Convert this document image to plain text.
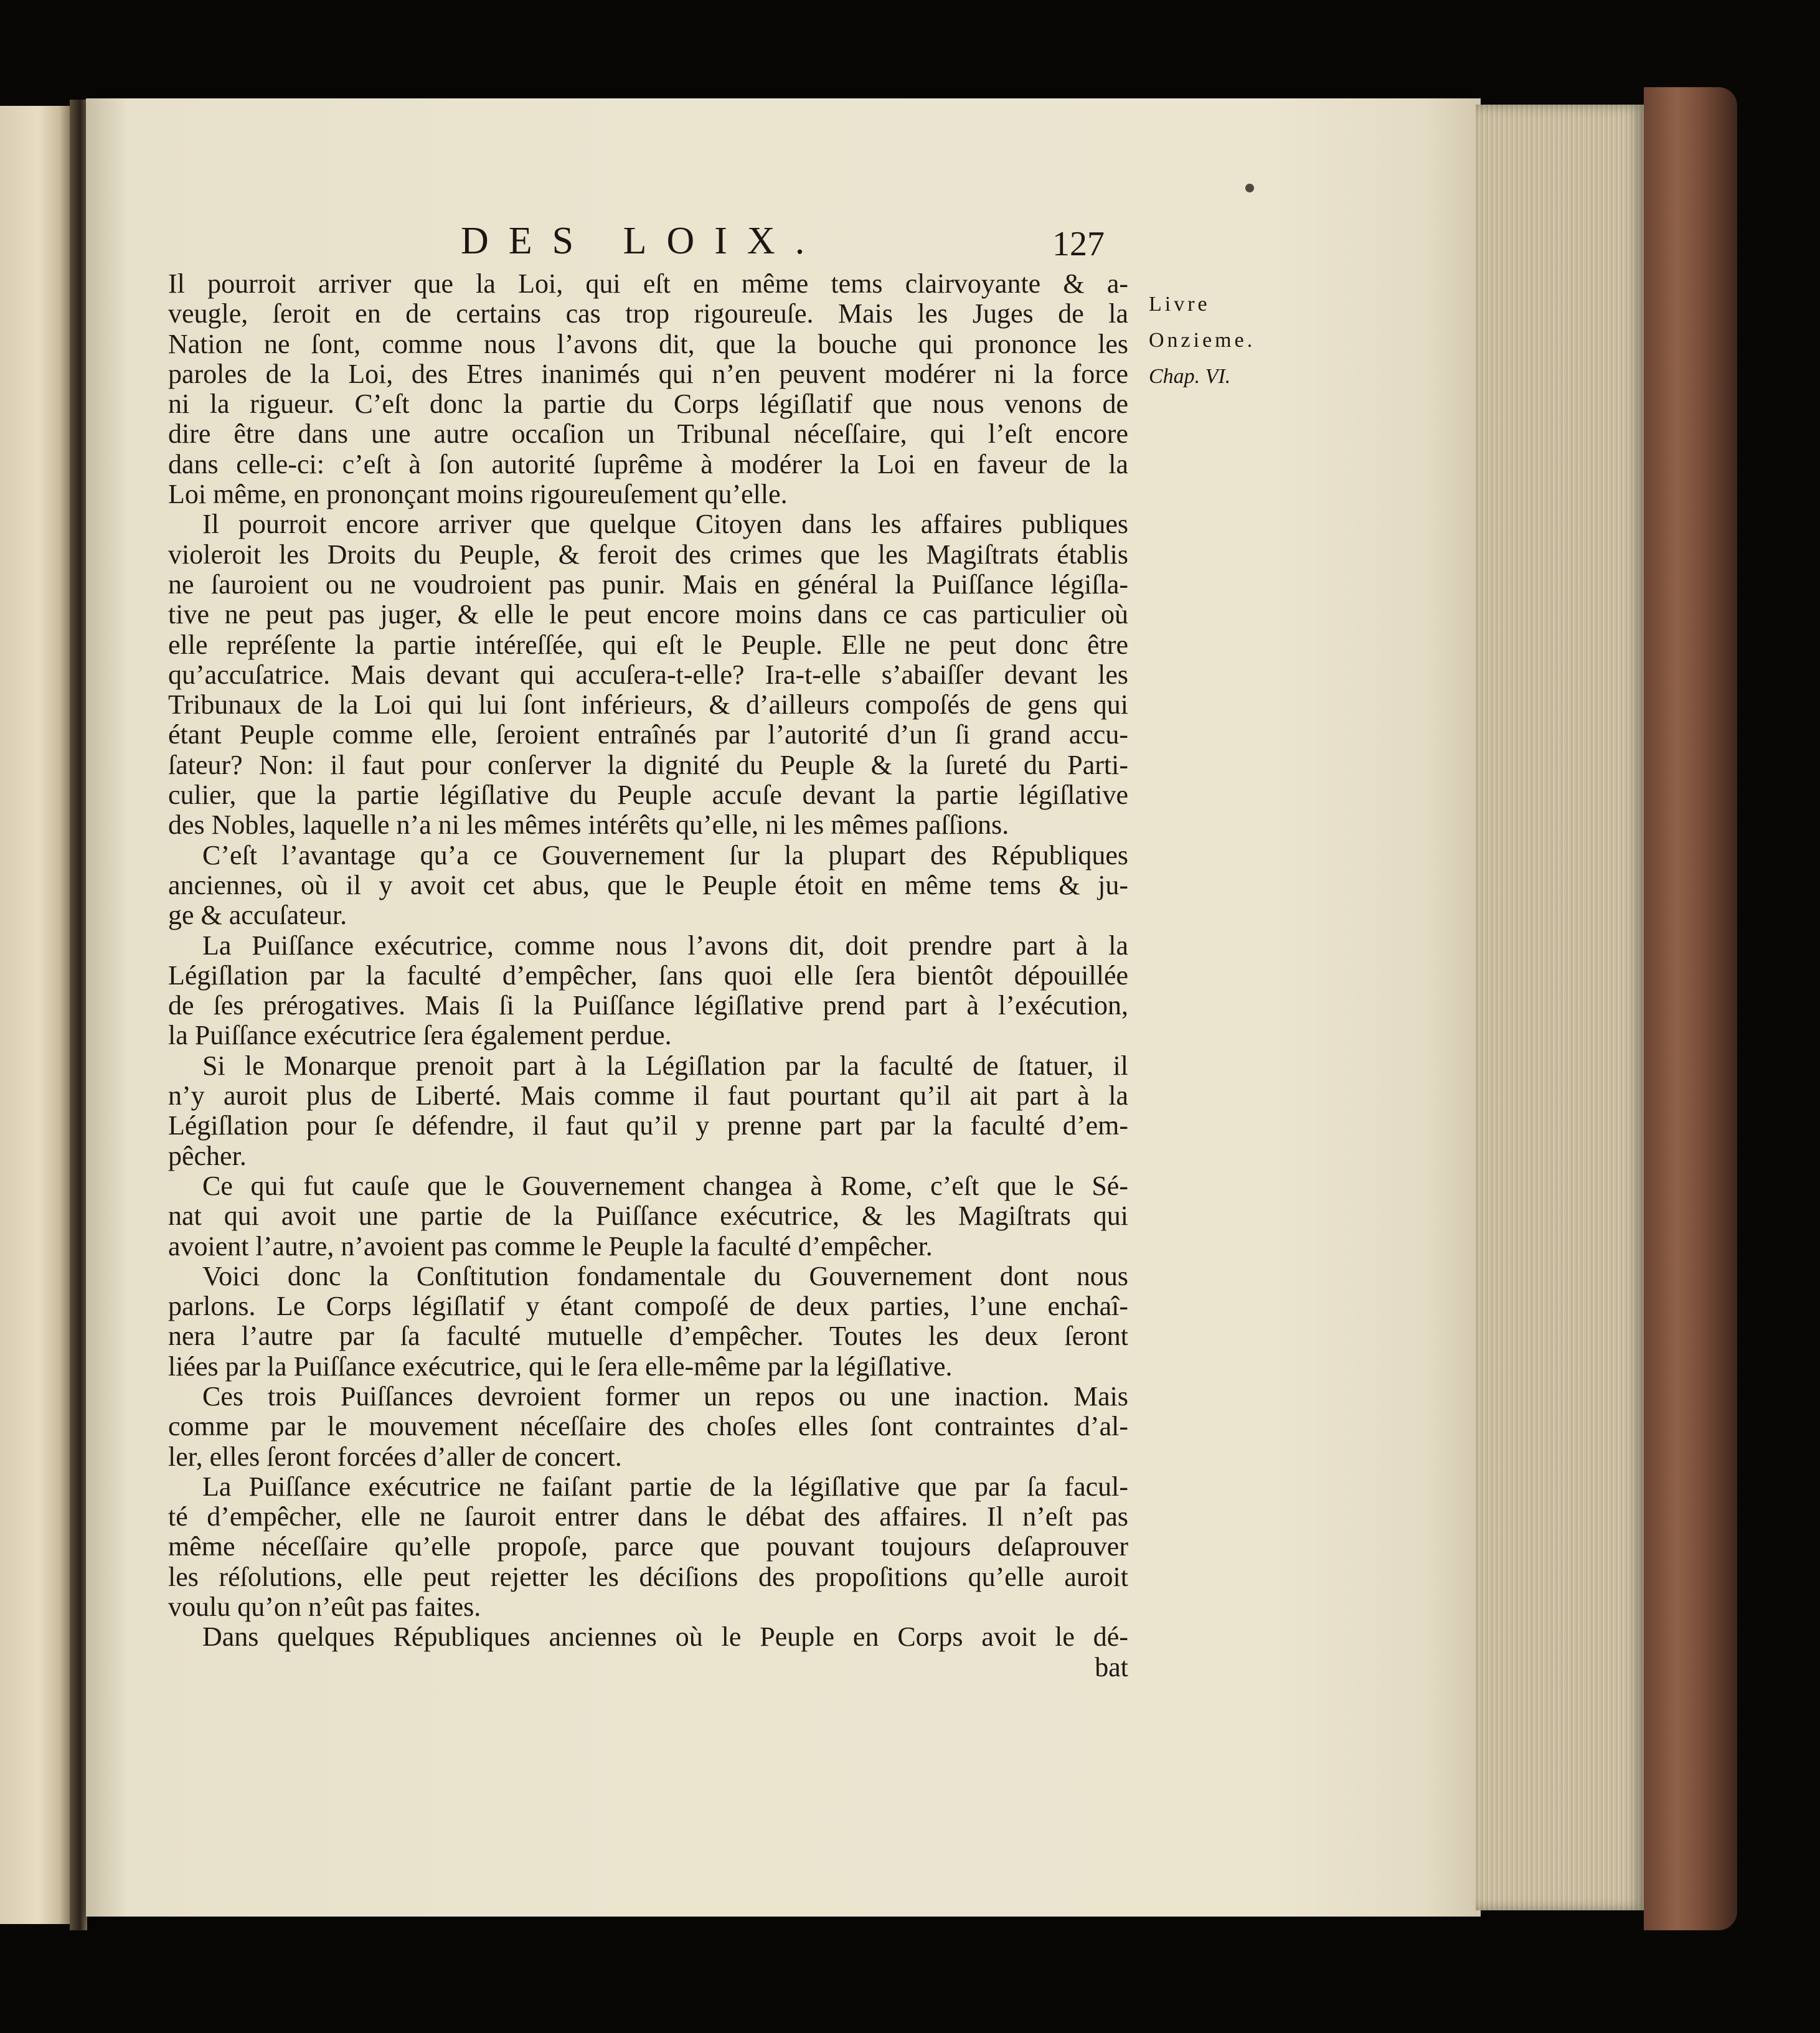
DES LOIX.	127
Livre
Onzieme.
Chap. VI.
Il pourroit arriver que la Loi, qui eſt en même tems clairvoyante & a-
veugle, ſeroit en de certains cas trop rigoureuſe. Mais les Juges de la
Nation ne ſont, comme nous l’avons dit, que la bouche qui prononce les
paroles de la Loi, des Etres inanimés qui n’en peuvent modérer ni la force
ni la rigueur. C’eſt donc la partie du Corps légiſlatif que nous venons de
dire être dans une autre occaſion un Tribunal néceſſaire, qui l’eſt encore
dans celle-ci: c’eſt à ſon autorité ſuprême à modérer la Loi en faveur de la
Loi même, en prononçant moins rigoureuſement qu’elle.
Il pourroit encore arriver que quelque Citoyen dans les affaires publiques
violeroit les Droits du Peuple, & feroit des crimes que les Magiſtrats établis
ne ſauroient ou ne voudroient pas punir. Mais en général la Puiſſance légiſla-
tive ne peut pas juger, & elle le peut encore moins dans ce cas particulier où
elle repréſente la partie intéreſſée, qui eſt le Peuple. Elle ne peut donc être
qu’accuſatrice. Mais devant qui accuſera-t-elle? Ira-t-elle s’abaiſſer devant les
Tribunaux de la Loi qui lui ſont inférieurs, & d’ailleurs compoſés de gens qui
étant Peuple comme elle, ſeroient entraînés par l’autorité d’un ſi grand accu-
ſateur? Non: il faut pour conſerver la dignité du Peuple & la ſureté du Parti-
culier, que la partie légiſlative du Peuple accuſe devant la partie légiſlative
des Nobles, laquelle n’a ni les mêmes intérêts qu’elle, ni les mêmes paſſions.
C’eſt l’avantage qu’a ce Gouvernement ſur la plupart des Républiques
anciennes, où il y avoit cet abus, que le Peuple étoit en même tems & ju-
ge & accuſateur.
La Puiſſance exécutrice, comme nous l’avons dit, doit prendre part à la
Légiſlation par la faculté d’empêcher, ſans quoi elle ſera bientôt dépouillée
de ſes prérogatives. Mais ſi la Puiſſance légiſlative prend part à l’exécution,
la Puiſſance exécutrice ſera également perdue.
Si le Monarque prenoit part à la Légiſlation par la faculté de ſtatuer, il
n’y auroit plus de Liberté. Mais comme il faut pourtant qu’il ait part à la
Légiſlation pour ſe défendre, il faut qu’il y prenne part par la faculté d’em-
pêcher.
Ce qui fut cauſe que le Gouvernement changea à Rome, c’eſt que le Sé-
nat qui avoit une partie de la Puiſſance exécutrice, & les Magiſtrats qui
avoient l’autre, n’avoient pas comme le Peuple la faculté d’empêcher.
Voici donc la Conſtitution fondamentale du Gouvernement dont nous
parlons. Le Corps légiſlatif y étant compoſé de deux parties, l’une enchaî-
nera l’autre par ſa faculté mutuelle d’empêcher. Toutes les deux ſeront
liées par la Puiſſance exécutrice, qui le ſera elle-même par la légiſlative.
Ces trois Puiſſances devroient former un repos ou une inaction. Mais
comme par le mouvement néceſſaire des choſes elles ſont contraintes d’al-
ler, elles ſeront forcées d’aller de concert.
La Puiſſance exécutrice ne faiſant partie de la légiſlative que par ſa facul-
té d’empêcher, elle ne ſauroit entrer dans le débat des affaires. Il n’eſt pas
même néceſſaire qu’elle propoſe, parce que pouvant toujours deſaprouver
les réſolutions, elle peut rejetter les déciſions des propoſitions qu’elle auroit
voulu qu’on n’eût pas faites.
Dans quelques Républiques anciennes où le Peuple en Corps avoit le dé-
bat
